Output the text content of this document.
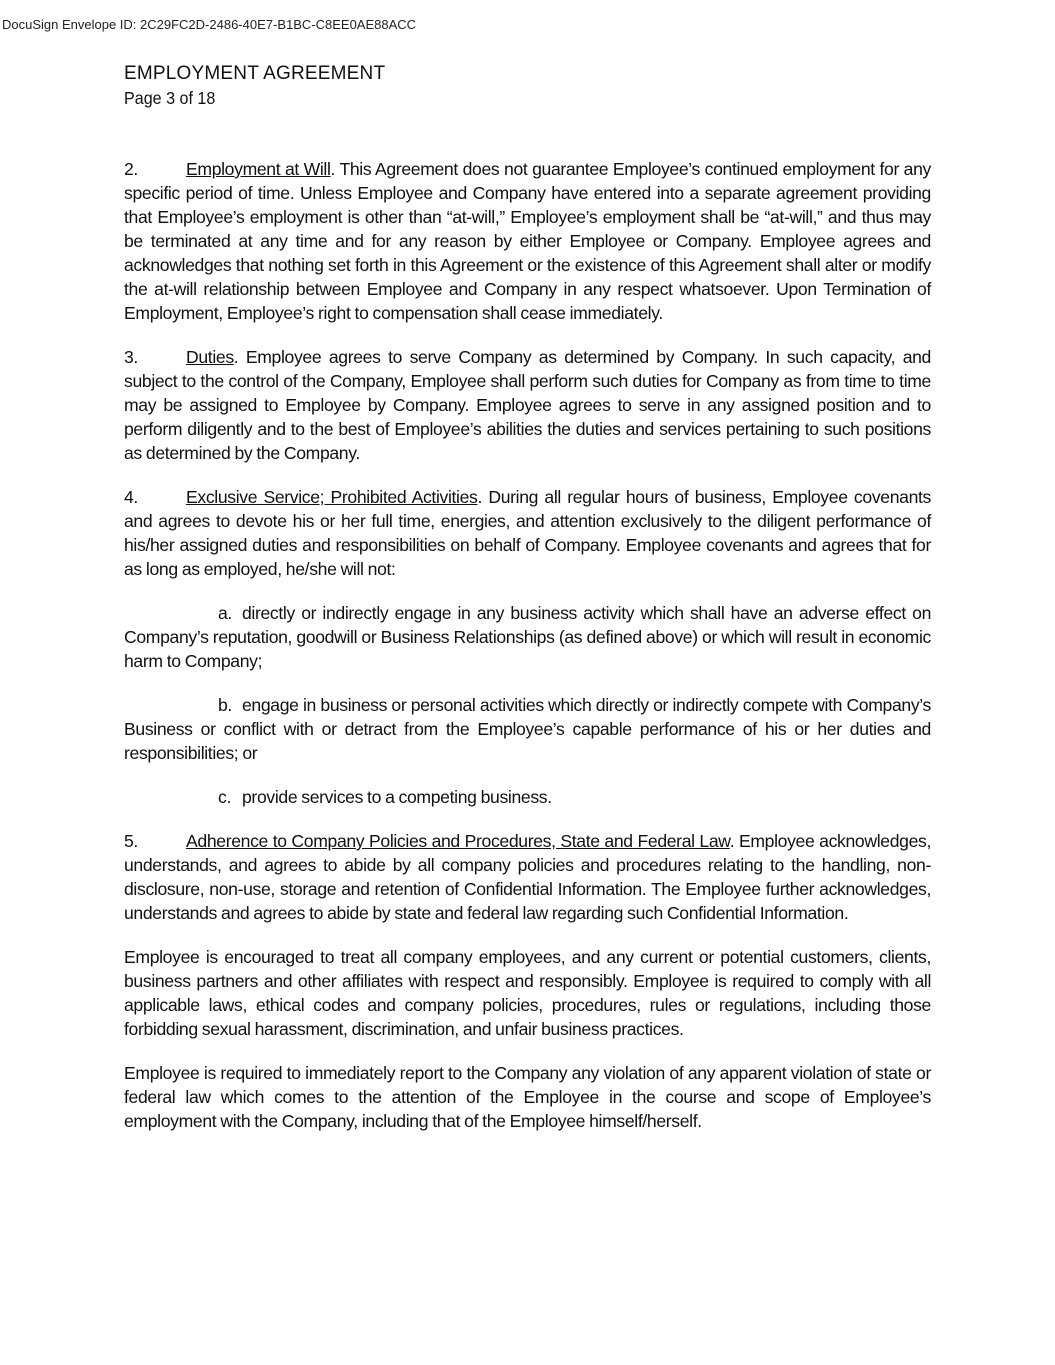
DocuSign Envelope ID: 2C29FC2D-2486-40E7-B1BC-C8EE0AE88ACC
EMPLOYMENT AGREEMENT
Page 3 of 18

2.	Employment at Will. This Agreement does not guarantee Employee’s continued employment for any specific period of time. Unless Employee and Company have entered into a separate agreement providing that Employee’s employment is other than “at-will,” Employee’s employment shall be “at-will,” and thus may be terminated at any time and for any reason by either Employee or Company. Employee agrees and acknowledges that nothing set forth in this Agreement or the existence of this Agreement shall alter or modify the at-will relationship between Employee and Company in any respect whatsoever. Upon Termination of Employment, Employee’s right to compensation shall cease immediately.

3.	Duties. Employee agrees to serve Company as determined by Company. In such capacity, and subject to the control of the Company, Employee shall perform such duties for Company as from time to time may be assigned to Employee by Company. Employee agrees to serve in any assigned position and to perform diligently and to the best of Employee’s abilities the duties and services pertaining to such positions as determined by the Company.

4.	Exclusive Service; Prohibited Activities. During all regular hours of business, Employee covenants and agrees to devote his or her full time, energies, and attention exclusively to the diligent performance of his/her assigned duties and responsibilities on behalf of Company. Employee covenants and agrees that for as long as employed, he/she will not:

a. directly or indirectly engage in any business activity which shall have an adverse effect on Company’s reputation, goodwill or Business Relationships (as defined above) or which will result in economic harm to Company;

b. engage in business or personal activities which directly or indirectly compete with Company’s Business or conflict with or detract from the Employee’s capable performance of his or her duties and responsibilities; or

c. provide services to a competing business.

5.	Adherence to Company Policies and Procedures, State and Federal Law. Employee acknowledges, understands, and agrees to abide by all company policies and procedures relating to the handling, non-disclosure, non-use, storage and retention of Confidential Information. The Employee further acknowledges, understands and agrees to abide by state and federal law regarding such Confidential Information.

Employee is encouraged to treat all company employees, and any current or potential customers, clients, business partners and other affiliates with respect and responsibly. Employee is required to comply with all applicable laws, ethical codes and company policies, procedures, rules or regulations, including those forbidding sexual harassment, discrimination, and unfair business practices.

Employee is required to immediately report to the Company any violation of any apparent violation of state or federal law which comes to the attention of the Employee in the course and scope of Employee’s employment with the Company, including that of the Employee himself/herself.
